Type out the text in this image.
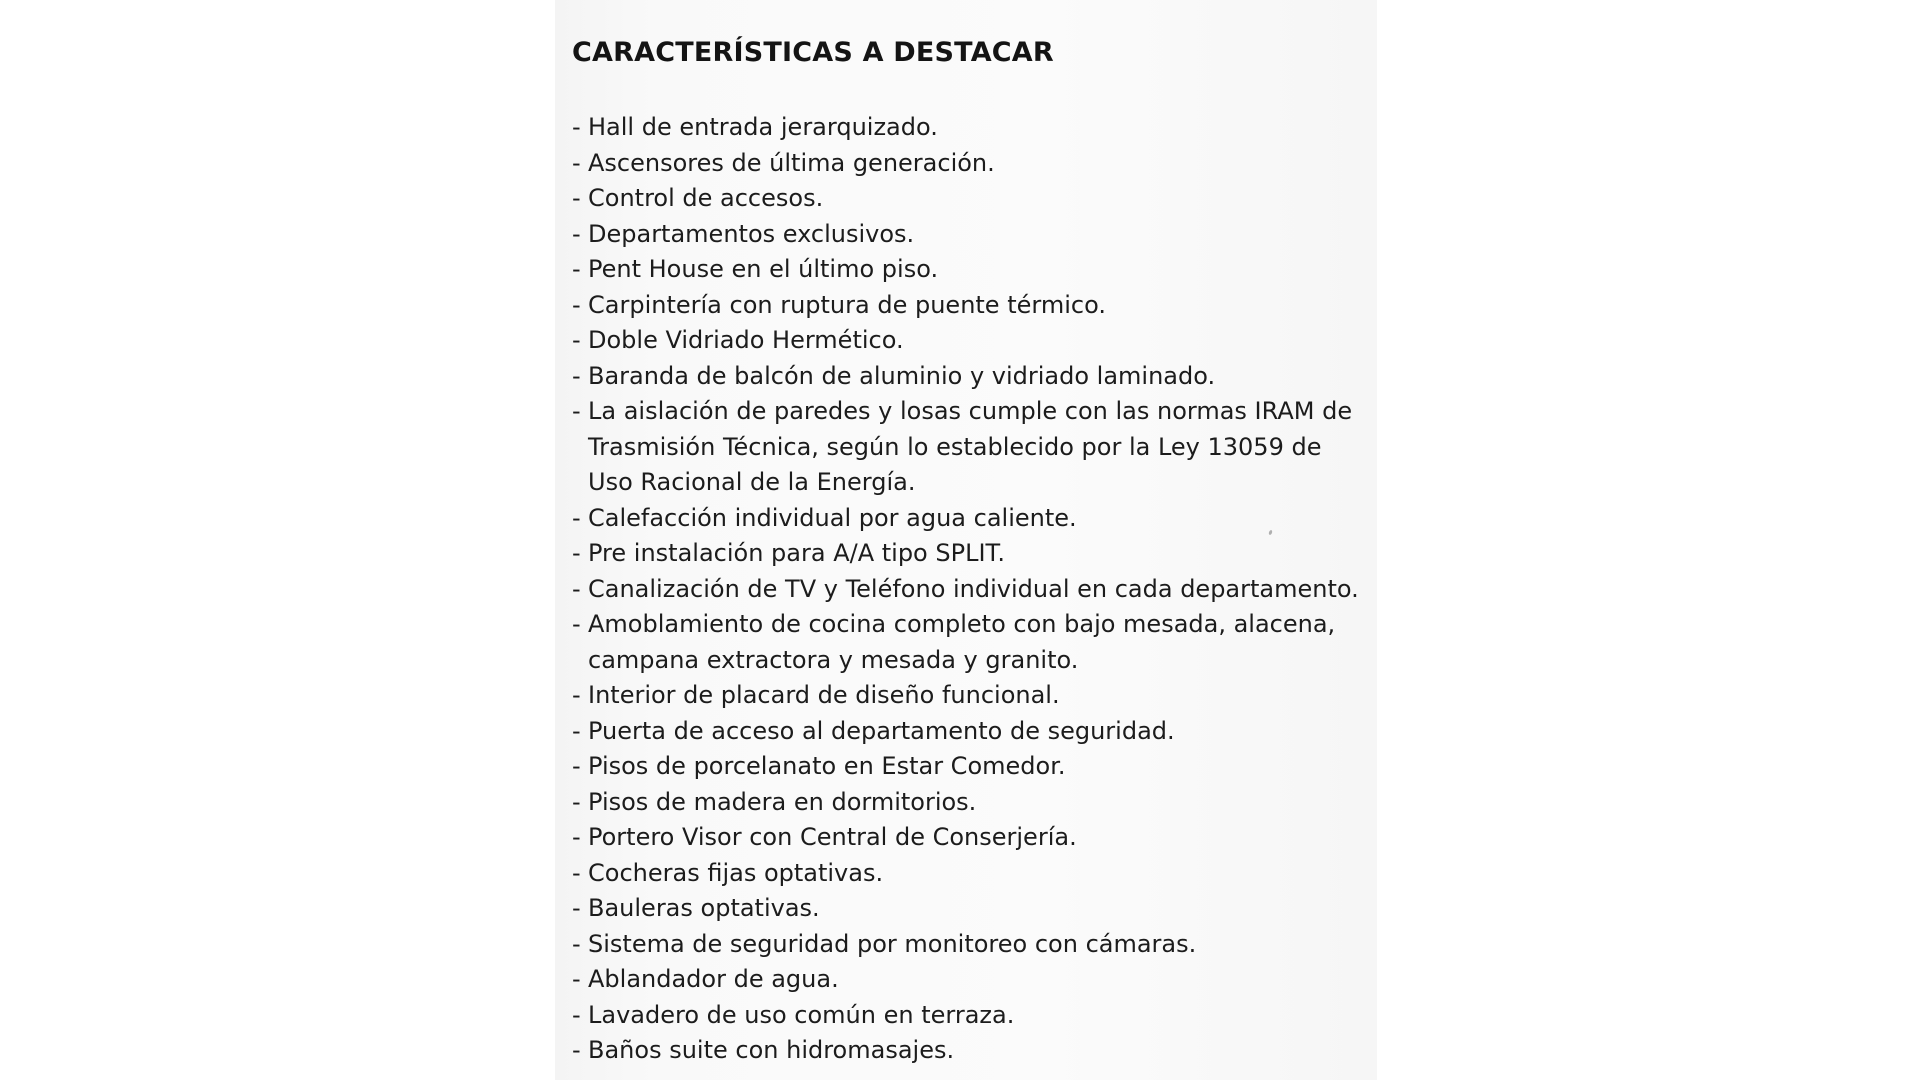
CARACTERÍSTICAS A DESTACAR
- Hall de entrada jerarquizado.
- Ascensores de última generación.
- Control de accesos.
- Departamentos exclusivos.
- Pent House en el último piso.
- Carpintería con ruptura de puente térmico.
- Doble Vidriado Hermético.
- Baranda de balcón de aluminio y vidriado laminado.
- La aislación de paredes y losas cumple con las normas IRAM de
Trasmisión Técnica, según lo establecido por la Ley 13059 de
Uso Racional de la Energía.
- Calefacción individual por agua caliente.
- Pre instalación para A/A tipo SPLIT.
- Canalización de TV y Teléfono individual en cada departamento.
- Amoblamiento de cocina completo con bajo mesada, alacena,
campana extractora y mesada y granito.
- Interior de placard de diseño funcional.
- Puerta de acceso al departamento de seguridad.
- Pisos de porcelanato en Estar Comedor.
- Pisos de madera en dormitorios.
- Portero Visor con Central de Conserjería.
- Cocheras fijas optativas.
- Bauleras optativas.
- Sistema de seguridad por monitoreo con cámaras.
- Ablandador de agua.
- Lavadero de uso común en terraza.
- Baños suite con hidromasajes.
